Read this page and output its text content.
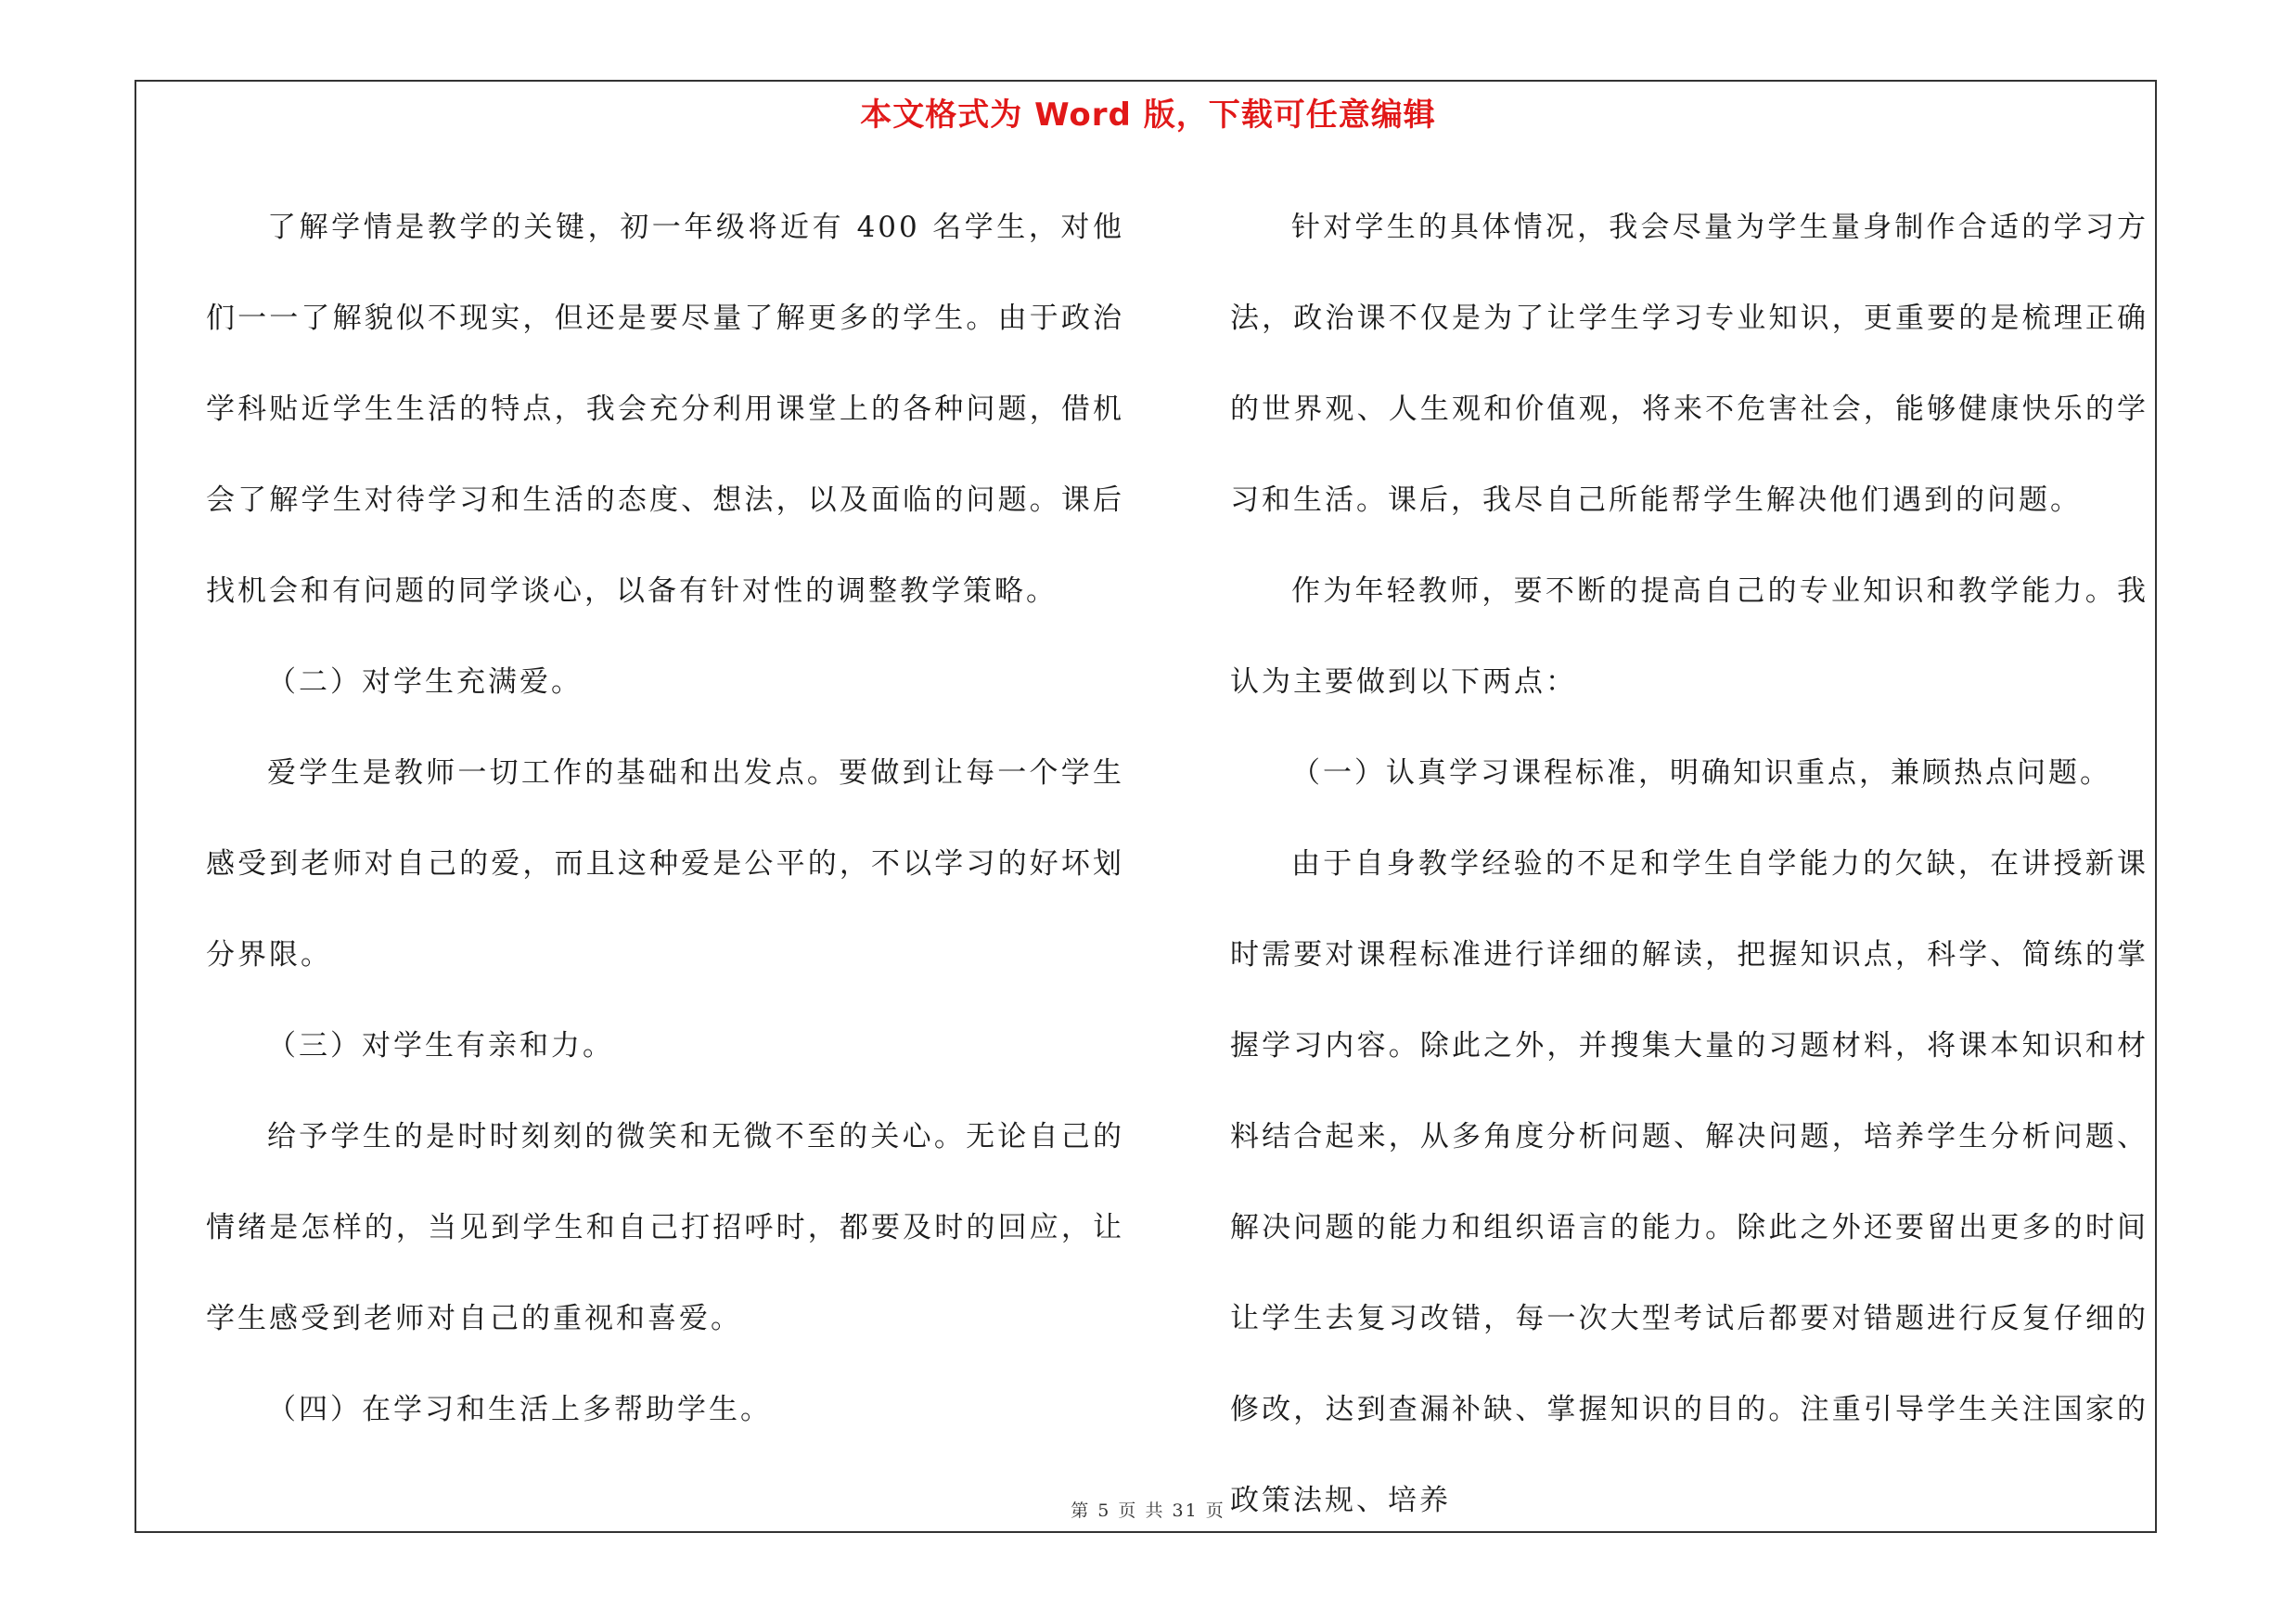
本文格式为 Word 版，下载可任意编辑

了解学情是教学的关键，初一年级将近有 400 名学生，对他们一一了解貌似不现实，但还是要尽量了解更多的学生。由于政治学科贴近学生生活的特点，我会充分利用课堂上的各种问题，借机会了解学生对待学习和生活的态度、想法，以及面临的问题。课后找机会和有问题的同学谈心，以备有针对性的调整教学策略。

（二）对学生充满爱。

爱学生是教师一切工作的基础和出发点。要做到让每一个学生感受到老师对自己的爱，而且这种爱是公平的，不以学习的好坏划分界限。

（三）对学生有亲和力。

给予学生的是时时刻刻的微笑和无微不至的关心。无论自己的情绪是怎样的，当见到学生和自己打招呼时，都要及时的回应，让学生感受到老师对自己的重视和喜爱。

（四）在学习和生活上多帮助学生。

针对学生的具体情况，我会尽量为学生量身制作合适的学习方法，政治课不仅是为了让学生学习专业知识，更重要的是梳理正确的世界观、人生观和价值观，将来不危害社会，能够健康快乐的学习和生活。课后，我尽自己所能帮学生解决他们遇到的问题。

作为年轻教师，要不断的提高自己的专业知识和教学能力。我认为主要做到以下两点：

（一）认真学习课程标准，明确知识重点，兼顾热点问题。

由于自身教学经验的不足和学生自学能力的欠缺，在讲授新课时需要对课程标准进行详细的解读，把握知识点，科学、简练的掌握学习内容。除此之外，并搜集大量的习题材料，将课本知识和材料结合起来，从多角度分析问题、解决问题，培养学生分析问题、解决问题的能力和组织语言的能力。除此之外还要留出更多的时间让学生去复习改错，每一次大型考试后都要对错题进行反复仔细的修改，达到查漏补缺、掌握知识的目的。注重引导学生关注国家的政策法规、培养

第 5 页 共 31 页
